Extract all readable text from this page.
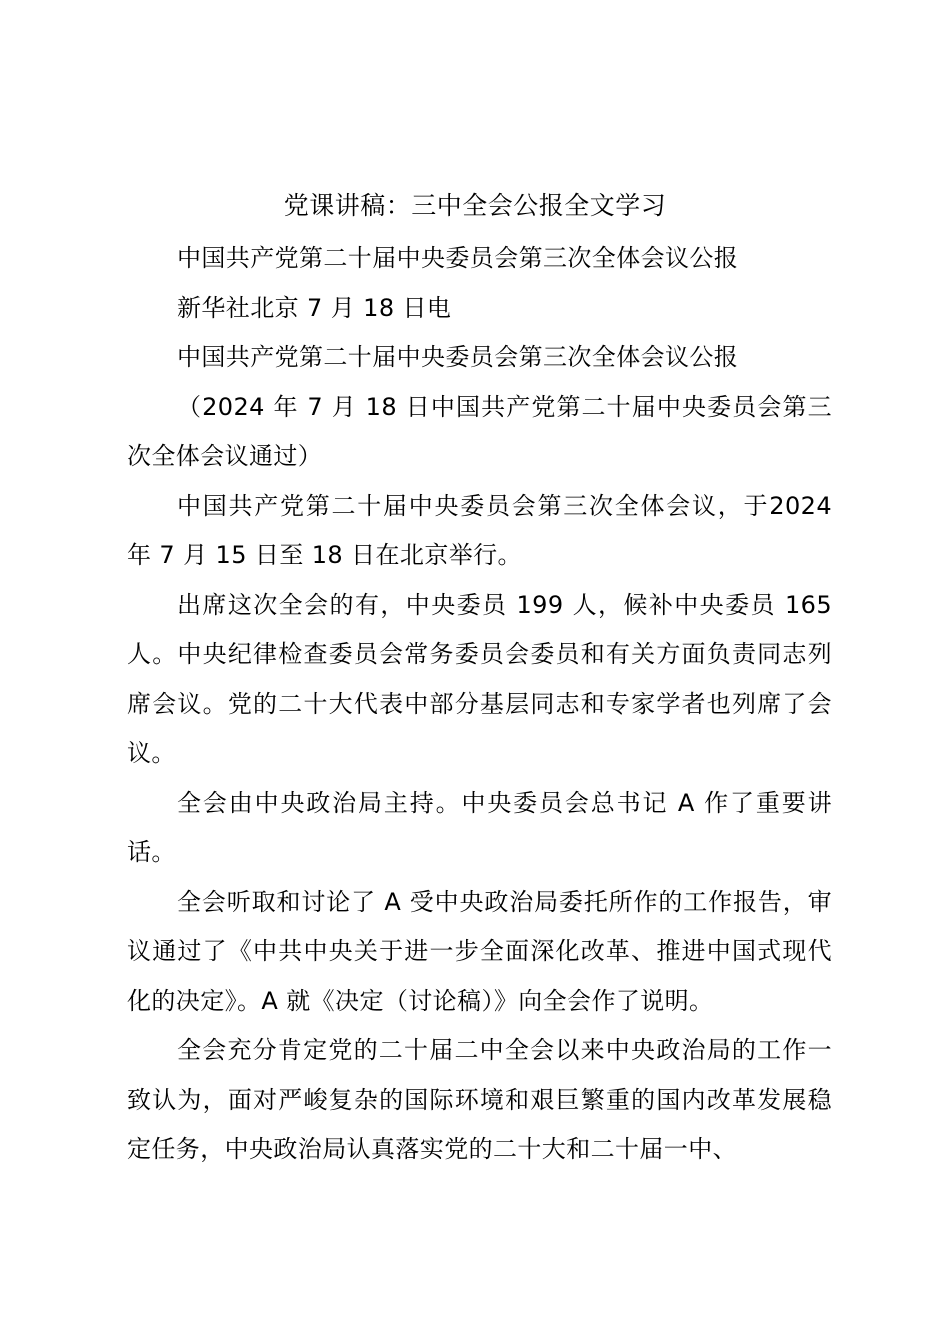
党课讲稿：三中全会公报全文学习

中国共产党第二十届中央委员会第三次全体会议公报

新华社北京 7 月 18 日电

中国共产党第二十届中央委员会第三次全体会议公报

（2024 年 7 月 18 日中国共产党第二十届中央委员会第三次全体会议通过）

中国共产党第二十届中央委员会第三次全体会议，于2024 年 7 月 15 日至 18 日在北京举行。

出席这次全会的有，中央委员 199 人，候补中央委员 165 人。中央纪律检查委员会常务委员会委员和有关方面负责同志列席会议。党的二十大代表中部分基层同志和专家学者也列席了会议。

全会由中央政治局主持。中央委员会总书记 A 作了重要讲话。

全会听取和讨论了 A 受中央政治局委托所作的工作报告，审议通过了《中共中央关于进一步全面深化改革、推进中国式现代化的决定》。A 就《决定（讨论稿）》向全会作了说明。

全会充分肯定党的二十届二中全会以来中央政治局的工作一致认为，面对严峻复杂的国际环境和艰巨繁重的国内改革发展稳定任务，中央政治局认真落实党的二十大和二十届一中、
